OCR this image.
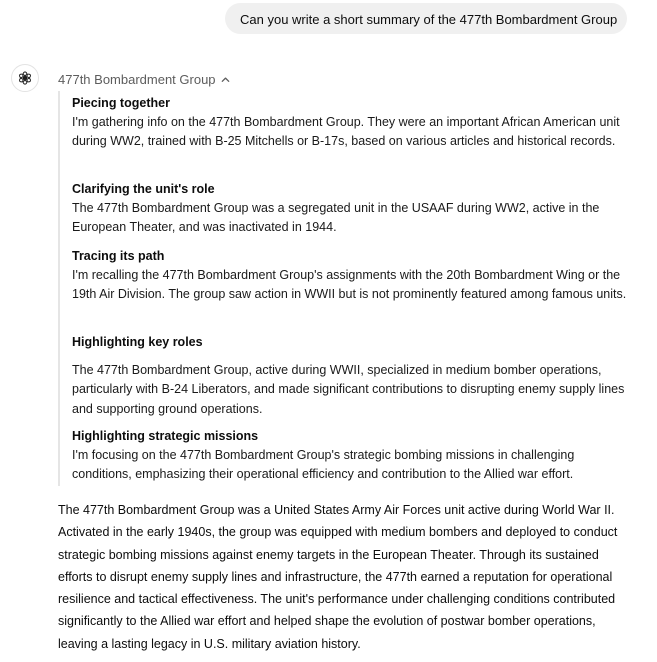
Can you write a short summary of the 477th Bombardment Group
477th Bombardment Group
Piecing together
I'm gathering info on the 477th Bombardment Group. They were an important African American unit during WW2, trained with B-25 Mitchells or B-17s, based on various articles and historical records.
Clarifying the unit's role
The 477th Bombardment Group was a segregated unit in the USAAF during WW2, active in the European Theater, and was inactivated in 1944.
Tracing its path
I'm recalling the 477th Bombardment Group's assignments with the 20th Bombardment Wing or the 19th Air Division. The group saw action in WWII but is not prominently featured among famous units.
Highlighting key roles
The 477th Bombardment Group, active during WWII, specialized in medium bomber operations, particularly with B-24 Liberators, and made significant contributions to disrupting enemy supply lines and supporting ground operations.
Highlighting strategic missions
I'm focusing on the 477th Bombardment Group's strategic bombing missions in challenging conditions, emphasizing their operational efficiency and contribution to the Allied war effort.
The 477th Bombardment Group was a United States Army Air Forces unit active during World War II. Activated in the early 1940s, the group was equipped with medium bombers and deployed to conduct strategic bombing missions against enemy targets in the European Theater. Through its sustained efforts to disrupt enemy supply lines and infrastructure, the 477th earned a reputation for operational resilience and tactical effectiveness. The unit's performance under challenging conditions contributed significantly to the Allied war effort and helped shape the evolution of postwar bomber operations, leaving a lasting legacy in U.S. military aviation history.
